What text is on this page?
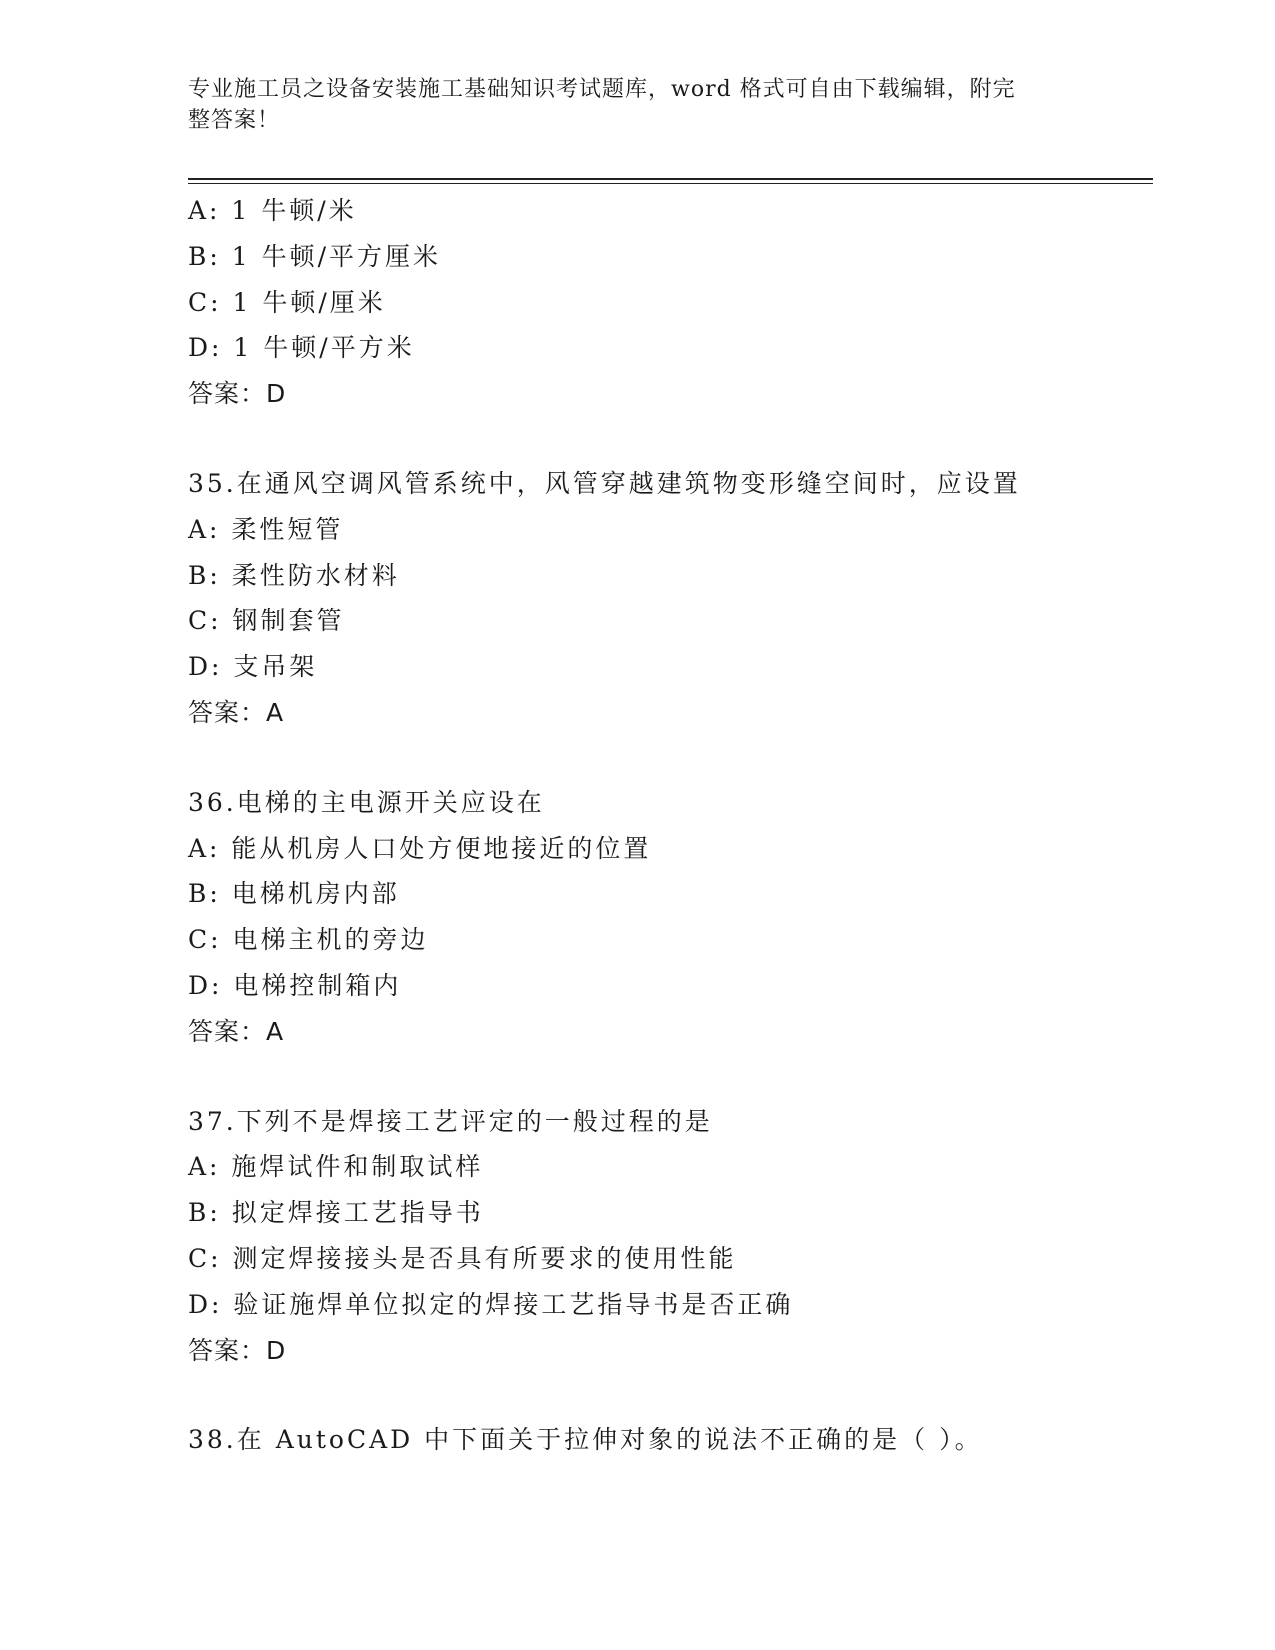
专业施工员之设备安装施工基础知识考试题库，word 格式可自由下载编辑，附完
整答案！
A: 1 牛顿/米
B: 1 牛顿/平方厘米
C: 1 牛顿/厘米
D: 1 牛顿/平方米
答案：D
35.在通风空调风管系统中，风管穿越建筑物变形缝空间时，应设置
A: 柔性短管
B: 柔性防水材料
C: 钢制套管
D: 支吊架
答案：A
36.电梯的主电源开关应设在
A: 能从机房人口处方便地接近的位置
B: 电梯机房内部
C: 电梯主机的旁边
D: 电梯控制箱内
答案：A
37.下列不是焊接工艺评定的一般过程的是
A: 施焊试件和制取试样
B: 拟定焊接工艺指导书
C: 测定焊接接头是否具有所要求的使用性能
D: 验证施焊单位拟定的焊接工艺指导书是否正确
答案：D
38.在 AutoCAD 中下面关于拉伸对象的说法不正确的是（ ）。
